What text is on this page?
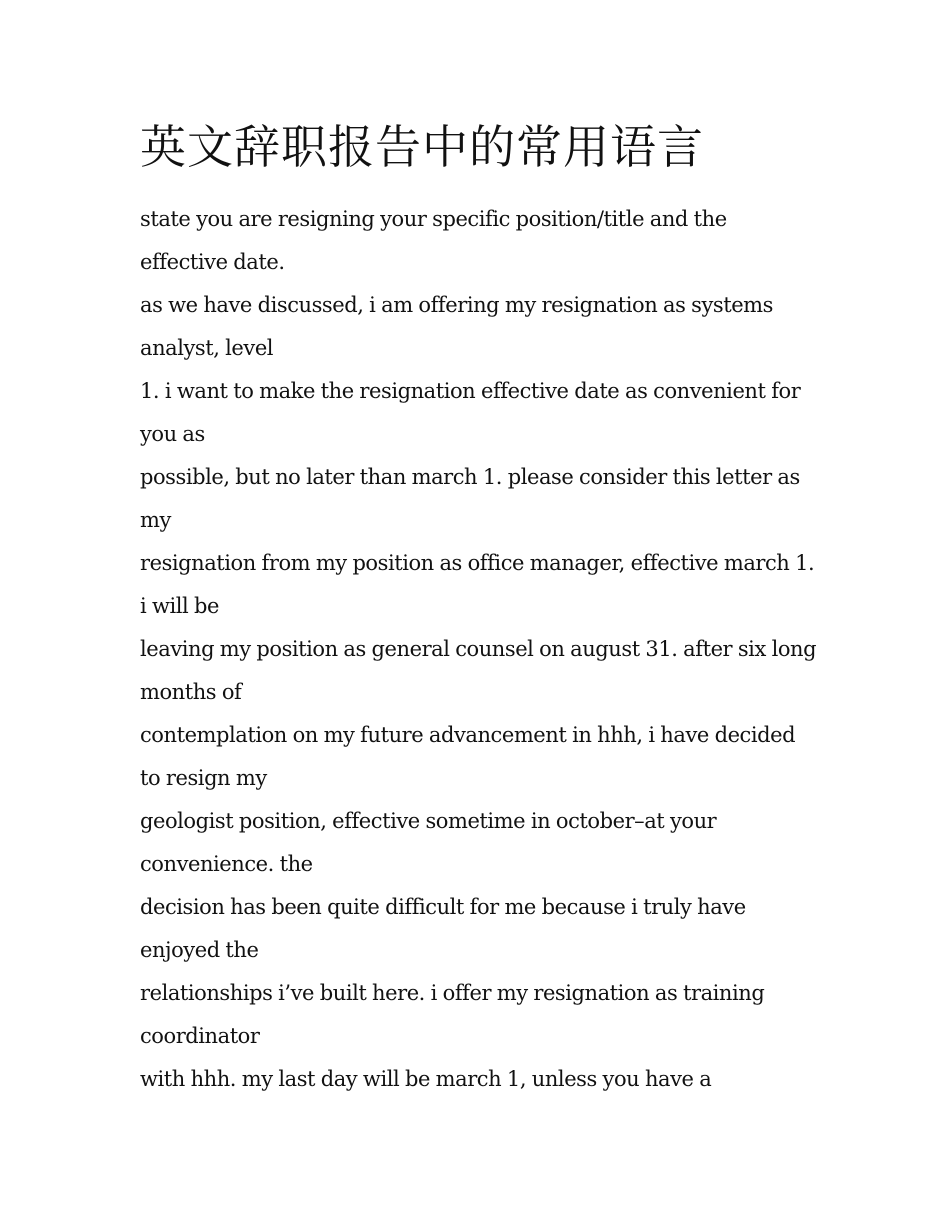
英文辞职报告中的常用语言
state you are resigning your specific position/title and the
effective date.
as we have discussed, i am offering my resignation as systems
analyst, level
1. i want to make the resignation effective date as convenient for
you as
possible, but no later than march 1. please consider this letter as
my
resignation from my position as office manager, effective march 1.
i will be
leaving my position as general counsel on august 31. after six long
months of
contemplation on my future advancement in hhh, i have decided
to resign my
geologist position, effective sometime in october–at your
convenience. the
decision has been quite difficult for me because i truly have
enjoyed the
relationships i’ve built here. i offer my resignation as training
coordinator
with hhh. my last day will be march 1, unless you have a
